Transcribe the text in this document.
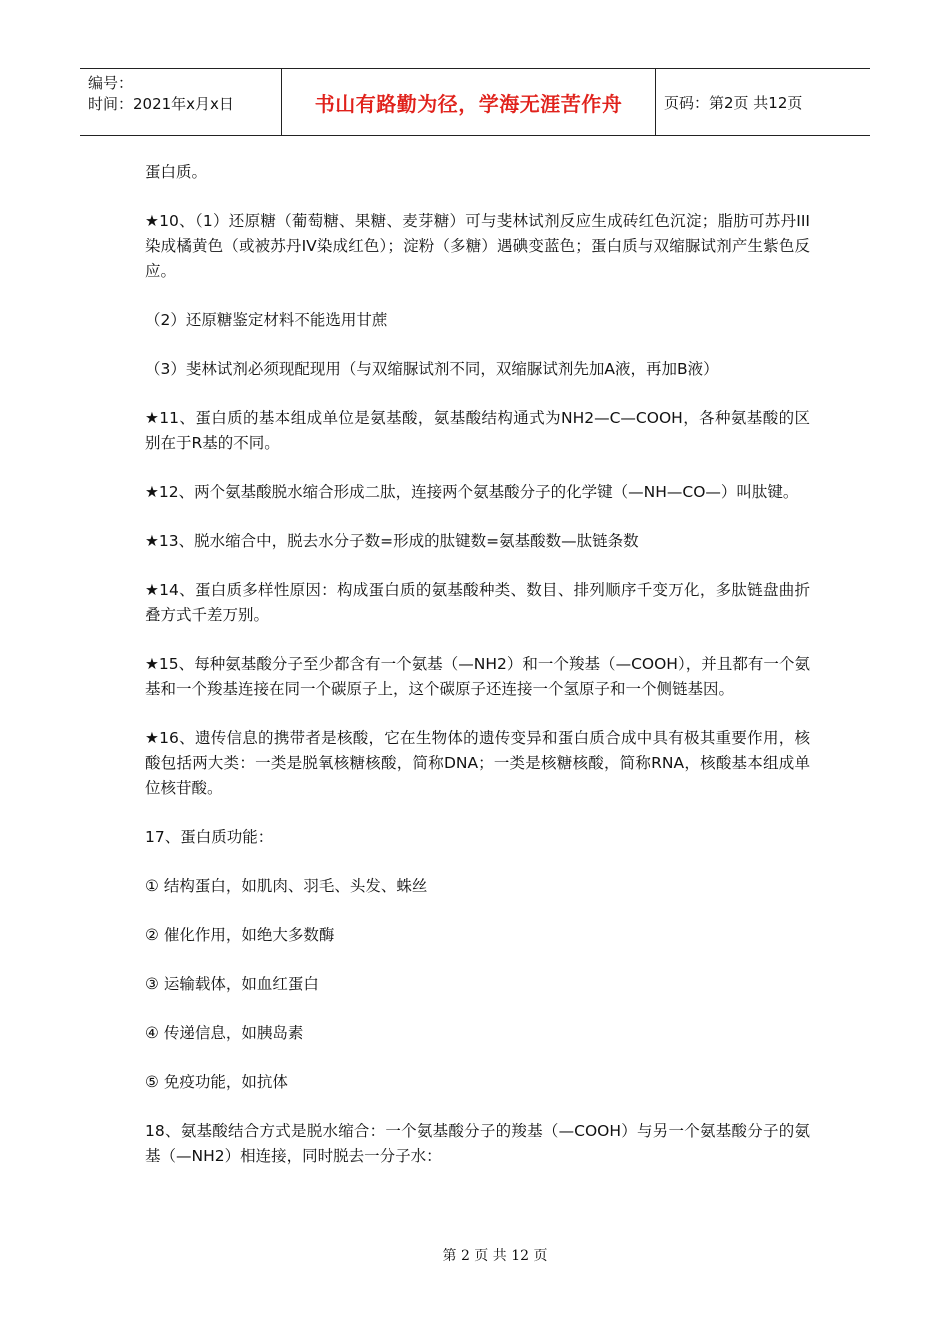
编号：
时间：2021年x月x日	书山有路勤为径，学海无涯苦作舟	页码：第2页 共12页

蛋白质。

★10、（1）还原糖（葡萄糖、果糖、麦芽糖）可与斐林试剂反应生成砖红色沉淀；脂肪可苏丹III染成橘黄色（或被苏丹IV染成红色）；淀粉（多糖）遇碘变蓝色；蛋白质与双缩脲试剂产生紫色反应。

（2）还原糖鉴定材料不能选用甘蔗

（3）斐林试剂必须现配现用（与双缩脲试剂不同，双缩脲试剂先加A液，再加B液）

★11、蛋白质的基本组成单位是氨基酸，氨基酸结构通式为NH2—C—COOH，各种氨基酸的区 别在于R基的不同。

★12、两个氨基酸脱水缩合形成二肽，连接两个氨基酸分子的化学键（—NH—CO—）叫肽键。

★13、脱水缩合中，脱去水分子数=形成的肽键数=氨基酸数—肽链条数

★14、蛋白质多样性原因：构成蛋白质的氨基酸种类、数目、排列顺序千变万化，多肽链盘曲折叠方式千差万别。

★15、每种氨基酸分子至少都含有一个氨基（—NH2）和一个羧基（—COOH），并且都有一个氨基和一个羧基连接在同一个碳原子上，这个碳原子还连接一个氢原子和一个侧链基因。

★16、遗传信息的携带者是核酸，它在生物体的遗传变异和蛋白质合成中具有极其重要作用，核酸包括两大类：一类是脱氧核糖核酸，简称DNA；一类是核糖核酸，简称RNA，核酸基本组成单位核苷酸。

17、蛋白质功能：

① 结构蛋白，如肌肉、羽毛、头发、蛛丝

② 催化作用，如绝大多数酶

③ 运输载体，如血红蛋白

④ 传递信息，如胰岛素

⑤ 免疫功能，如抗体

18、氨基酸结合方式是脱水缩合：一个氨基酸分子的羧基（—COOH）与另一个氨基酸分子的氨基（—NH2）相连接，同时脱去一分子水：

第 2 页 共 12 页
